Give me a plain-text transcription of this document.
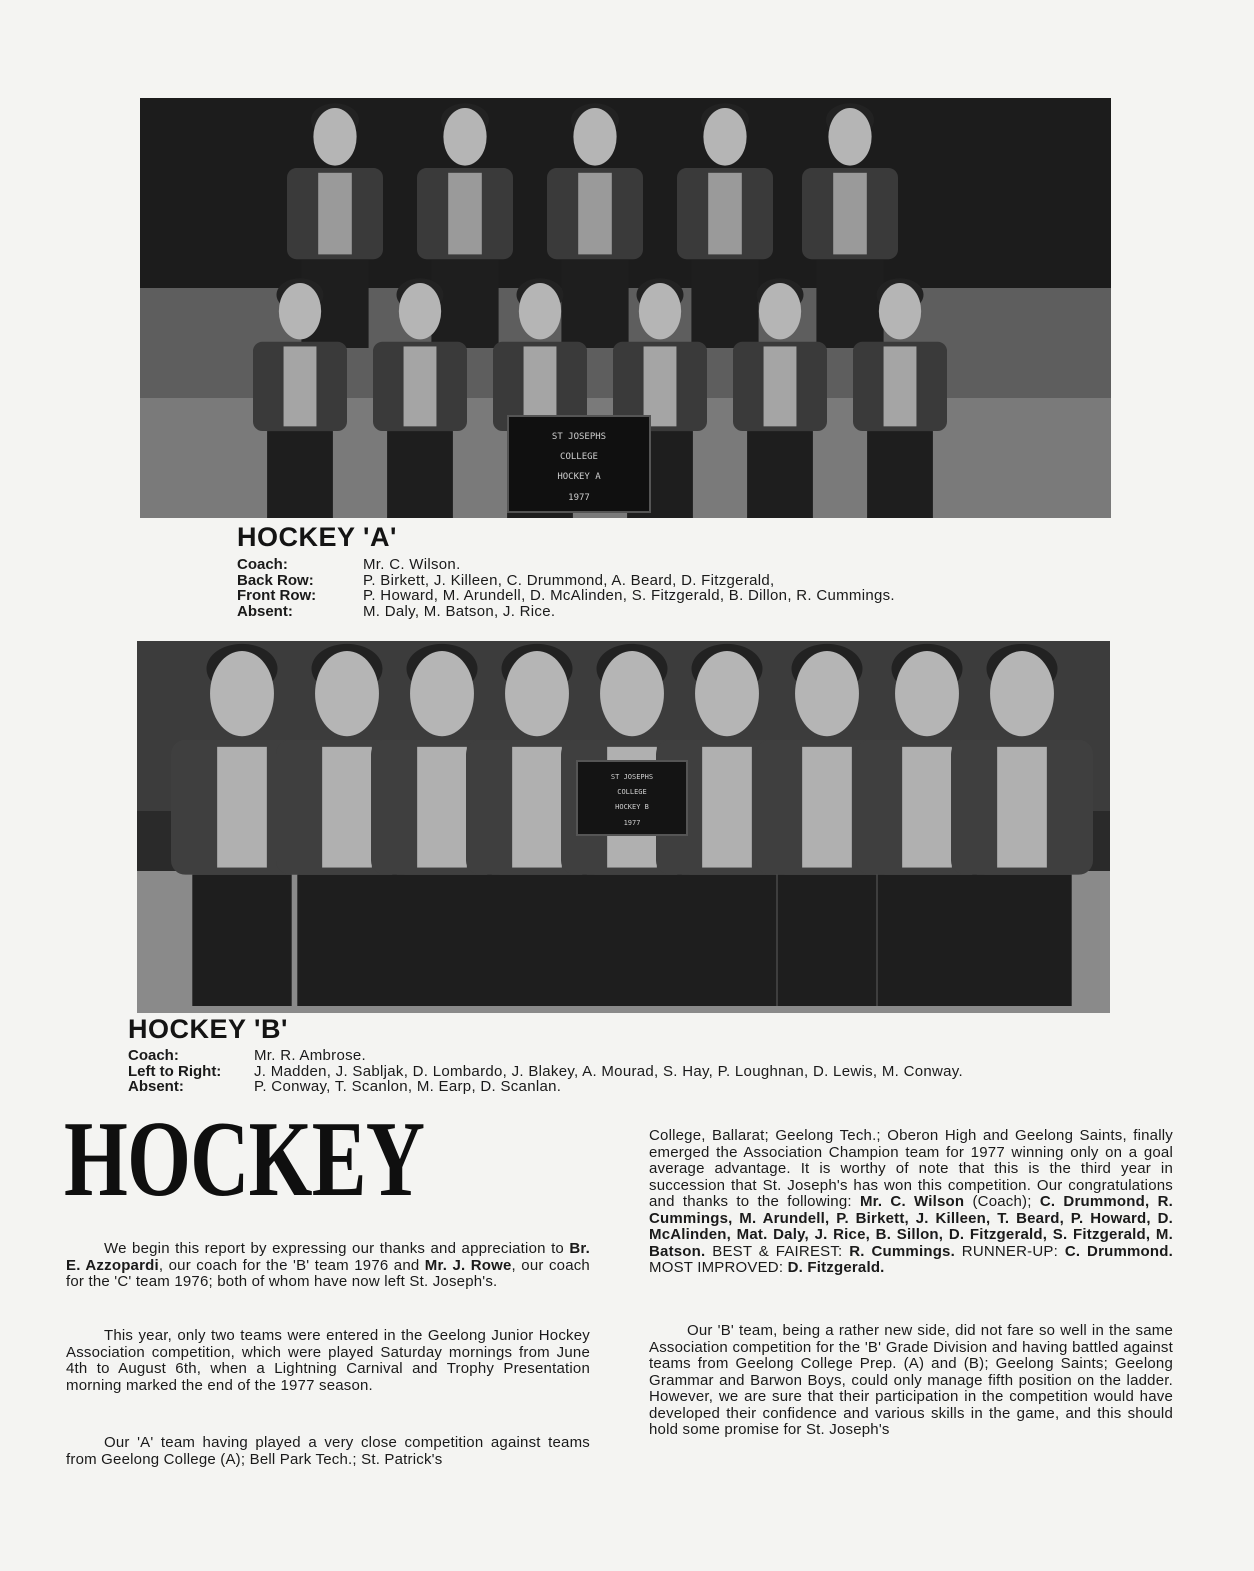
ST JOSEPHS
COLLEGE
HOCKEY A
1977
HOCKEY 'A'
Coach:	Mr. C. Wilson.
Back Row:	P. Birkett, J. Killeen, C. Drummond, A. Beard, D. Fitzgerald,
Front Row:	P. Howard, M. Arundell, D. McAlinden, S. Fitzgerald, B. Dillon, R. Cummings.
Absent:	M. Daly, M. Batson, J. Rice.
ST JOSEPHS
COLLEGE
HOCKEY B
1977
HOCKEY 'B'
Coach:	Mr. R. Ambrose.
Left to Right:	J. Madden, J. Sabljak, D. Lombardo, J. Blakey, A. Mourad, S. Hay, P. Loughnan, D. Lewis, M. Conway.
Absent:	P. Conway, T. Scanlon, M. Earp, D. Scanlan.
HOCKEY

We begin this report by expressing our thanks and appreciation to Br. E. Azzopardi, our coach for the 'B' team 1976 and Mr. J. Rowe, our coach for the 'C' team 1976; both of whom have now left St. Joseph's.

This year, only two teams were entered in the Geelong Junior Hockey Association competition, which were played Saturday mornings from June 4th to August 6th, when a Lightning Carnival and Trophy Presentation morning marked the end of the 1977 season.

Our 'A' team having played a very close competition against teams from Geelong College (A); Bell Park Tech.; St. Patrick's

College, Ballarat; Geelong Tech.; Oberon High and Geelong Saints, finally emerged the Association Champion team for 1977 winning only on a goal average advantage. It is worthy of note that this is the third year in succession that St. Joseph's has won this competition. Our congratulations and thanks to the following: Mr. C. Wilson (Coach); C. Drummond, R. Cummings, M. Arundell, P. Birkett, J. Killeen, T. Beard, P. Howard, D. McAlinden, Mat. Daly, J. Rice, B. Sillon, D. Fitzgerald, S. Fitzgerald, M. Batson. BEST & FAIREST: R. Cummings. RUNNER-UP: C. Drummond. MOST IMPROVED: D. Fitzgerald.

Our 'B' team, being a rather new side, did not fare so well in the same Association competition for the 'B' Grade Division and having battled against teams from Geelong College Prep. (A) and (B); Geelong Saints; Geelong Grammar and Barwon Boys, could only manage fifth position on the ladder. However, we are sure that their participation in the competition would have developed their confidence and various skills in the game, and this should hold some promise for St. Joseph's
